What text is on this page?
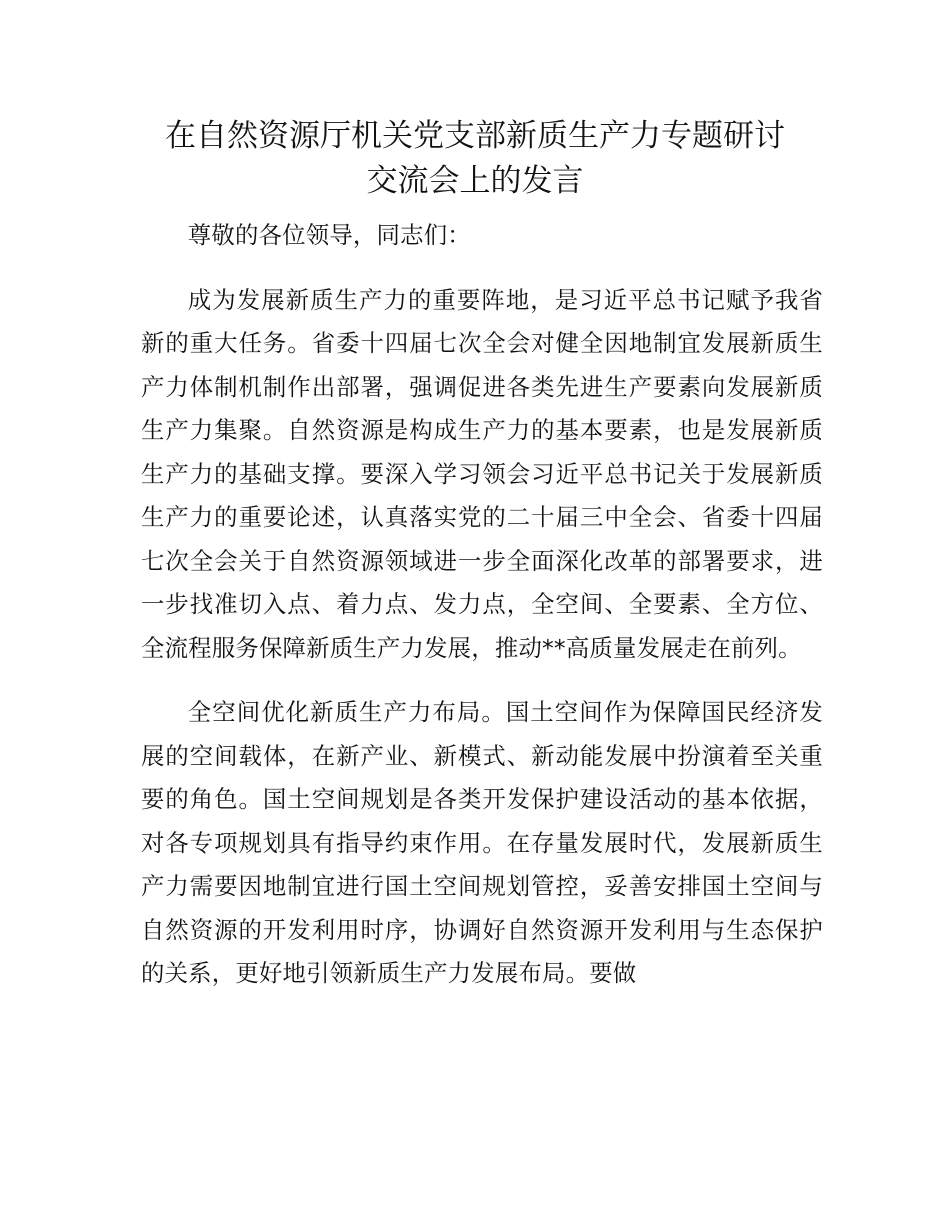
在自然资源厅机关党支部新质生产力专题研讨
交流会上的发言

尊敬的各位领导，同志们：

成为发展新质生产力的重要阵地，是习近平总书记赋予我省新的重大任务。省委十四届七次全会对健全因地制宜发展新质生产力体制机制作出部署，强调促进各类先进生产要素向发展新质生产力集聚。自然资源是构成生产力的基本要素，也是发展新质生产力的基础支撑。要深入学习领会习近平总书记关于发展新质生产力的重要论述，认真落实党的二十届三中全会、省委十四届七次全会关于自然资源领域进一步全面深化改革的部署要求，进一步找准切入点、着力点、发力点，全空间、全要素、全方位、全流程服务保障新质生产力发展，推动**高质量发展走在前列。

全空间优化新质生产力布局。国土空间作为保障国民经济发展的空间载体，在新产业、新模式、新动能发展中扮演着至关重要的角色。国土空间规划是各类开发保护建设活动的基本依据，对各专项规划具有指导约束作用。在存量发展时代，发展新质生产力需要因地制宜进行国土空间规划管控，妥善安排国土空间与自然资源的开发利用时序，协调好自然资源开发利用与生态保护的关系，更好地引领新质生产力发展布局。要做
